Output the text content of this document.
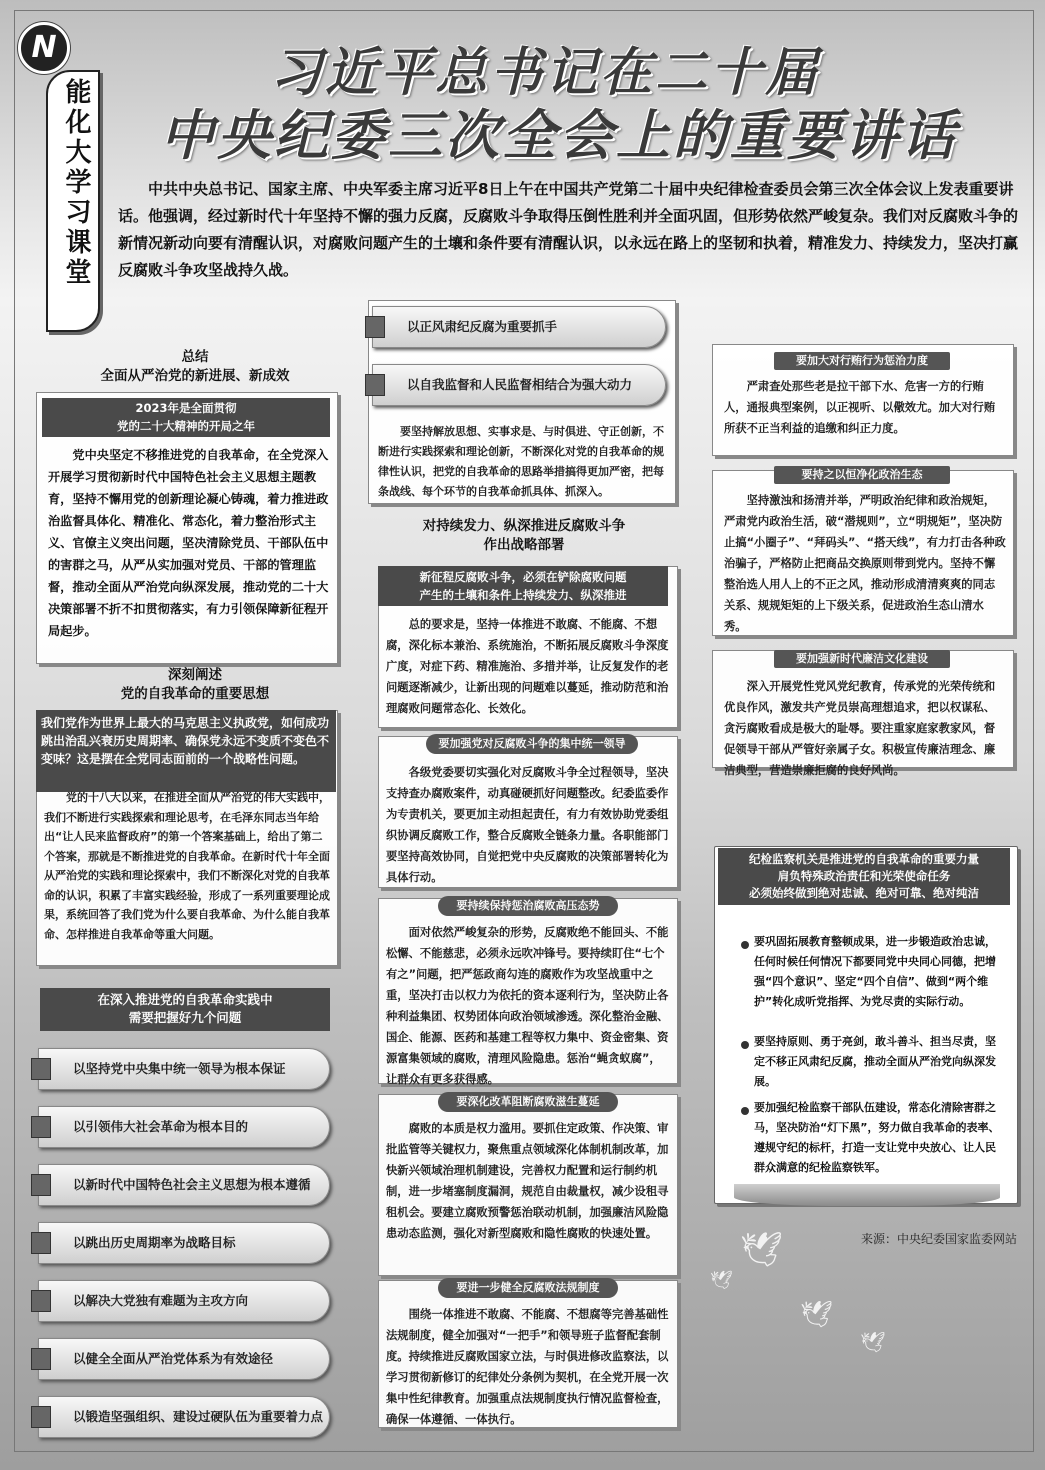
🕊
🕊
🕊
🕊
N
能化大学习课堂
习近平总书记在二十届
中央纪委三次全会上的重要讲话
中共中央总书记、国家主席、中央军委主席习近平8日上午在中国共产党第二十届中央纪律检查委员会第三次全体会议上发表重要讲话。他强调，经过新时代十年坚持不懈的强力反腐，反腐败斗争取得压倒性胜利并全面巩固，但形势依然严峻复杂。我们对反腐败斗争的新情况新动向要有清醒认识，对腐败问题产生的土壤和条件要有清醒认识，以永远在路上的坚韧和执着，精准发力、持续发力，坚决打赢反腐败斗争攻坚战持久战。
总结
全面从严治党的新进展、新成效
2023年是全面贯彻
党的二十大精神的开局之年
党中央坚定不移推进党的自我革命，在全党深入开展学习贯彻新时代中国特色社会主义思想主题教育，坚持不懈用党的创新理论凝心铸魂，着力推进政治监督具体化、精准化、常态化，着力整治形式主义、官僚主义突出问题，坚决清除党员、干部队伍中的害群之马，从严从实加强对党员、干部的管理监督，推动全面从严治党向纵深发展，推动党的二十大决策部署不折不扣贯彻落实，有力引领保障新征程开局起步。
深刻阐述
党的自我革命的重要思想
我们党作为世界上最大的马克思主义执政党，如何成功跳出治乱兴衰历史周期率、确保党永远不变质不变色不变味？这是摆在全党同志面前的一个战略性问题。
党的十八大以来，在推进全面从严治党的伟大实践中，我们不断进行实践探索和理论思考，在毛泽东同志当年给出“让人民来监督政府”的第一个答案基础上，给出了第二个答案，那就是不断推进党的自我革命。在新时代十年全面从严治党的实践和理论探索中，我们不断深化对党的自我革命的认识，积累了丰富实践经验，形成了一系列重要理论成果，系统回答了我们党为什么要自我革命、为什么能自我革命、怎样推进自我革命等重大问题。
在深入推进党的自我革命实践中
需要把握好九个问题
以坚持党中央集中统一领导为根本保证
以引领伟大社会革命为根本目的
以新时代中国特色社会主义思想为根本遵循
以跳出历史周期率为战略目标
以解决大党独有难题为主攻方向
以健全全面从严治党体系为有效途径
以锻造坚强组织、建设过硬队伍为重要着力点
以正风肃纪反腐为重要抓手
以自我监督和人民监督相结合为强大动力
要坚持解放思想、实事求是、与时俱进、守正创新，不断进行实践探索和理论创新，不断深化对党的自我革命的规律性认识，把党的自我革命的思路举措搞得更加严密，把每条战线、每个环节的自我革命抓具体、抓深入。
对持续发力、纵深推进反腐败斗争
作出战略部署
新征程反腐败斗争，必须在铲除腐败问题
产生的土壤和条件上持续发力、纵深推进
总的要求是，坚持一体推进不敢腐、不能腐、不想腐，深化标本兼治、系统施治，不断拓展反腐败斗争深度广度，对症下药、精准施治、多措并举，让反复发作的老问题逐渐减少，让新出现的问题难以蔓延，推动防范和治理腐败问题常态化、长效化。
要加强党对反腐败斗争的集中统一领导
各级党委要切实强化对反腐败斗争全过程领导，坚决支持查办腐败案件，动真碰硬抓好问题整改。纪委监委作为专责机关，要更加主动担起责任，有力有效协助党委组织协调反腐败工作，整合反腐败全链条力量。各职能部门要坚持高效协同，自觉把党中央反腐败的决策部署转化为具体行动。
要持续保持惩治腐败高压态势
面对依然严峻复杂的形势，反腐败绝不能回头、不能松懈、不能慈悲，必须永远吹冲锋号。要持续盯住“七个有之”问题，把严惩政商勾连的腐败作为攻坚战重中之重，坚决打击以权力为依托的资本逐利行为，坚决防止各种利益集团、权势团体向政治领域渗透。深化整治金融、国企、能源、医药和基建工程等权力集中、资金密集、资源富集领域的腐败，清理风险隐患。惩治“蝇贪蚁腐”，让群众有更多获得感。
要深化改革阻断腐败滋生蔓延
腐败的本质是权力滥用。要抓住定政策、作决策、审批监管等关键权力，聚焦重点领域深化体制机制改革，加快新兴领域治理机制建设，完善权力配置和运行制约机制，进一步堵塞制度漏洞，规范自由裁量权，减少设租寻租机会。要建立腐败预警惩治联动机制，加强廉洁风险隐患动态监测，强化对新型腐败和隐性腐败的快速处置。
要进一步健全反腐败法规制度
围绕一体推进不敢腐、不能腐、不想腐等完善基础性法规制度，健全加强对“一把手”和领导班子监督配套制度。持续推进反腐败国家立法，与时俱进修改监察法，以学习贯彻新修订的纪律处分条例为契机，在全党开展一次集中性纪律教育。加强重点法规制度执行情况监督检查，确保一体遵循、一体执行。
要加大对行贿行为惩治力度
严肃查处那些老是拉干部下水、危害一方的行贿人，通报典型案例，以正视听、以儆效尤。加大对行贿所获不正当利益的追缴和纠正力度。
要持之以恒净化政治生态
坚持激浊和扬清并举，严明政治纪律和政治规矩，严肃党内政治生活，破“潜规则”，立“明规矩”，坚决防止搞“小圈子”、“拜码头”、“搭天线”，有力打击各种政治骗子，严格防止把商品交换原则带到党内。坚持不懈整治选人用人上的不正之风，推动形成清清爽爽的同志关系、规规矩矩的上下级关系，促进政治生态山清水秀。
要加强新时代廉洁文化建设
深入开展党性党风党纪教育，传承党的光荣传统和优良作风，激发共产党员崇高理想追求，把以权谋私、贪污腐败看成是极大的耻辱。要注重家庭家教家风，督促领导干部从严管好亲属子女。积极宣传廉洁理念、廉洁典型，营造崇廉拒腐的良好风尚。
纪检监察机关是推进党的自我革命的重要力量
肩负特殊政治责任和光荣使命任务
必须始终做到绝对忠诚、绝对可靠、绝对纯洁
要巩固拓展教育整顿成果，进一步锻造政治忠诚，任何时候任何情况下都要同党中央同心同德，把增强“四个意识”、坚定“四个自信”、做到“两个维护”转化成听党指挥、为党尽责的实际行动。
要坚持原则、勇于亮剑，敢斗善斗、担当尽责，坚定不移正风肃纪反腐，推动全面从严治党向纵深发展。
要加强纪检监察干部队伍建设，常态化清除害群之马，坚决防治“灯下黑”，努力做自我革命的表率、遵规守纪的标杆，打造一支让党中央放心、让人民群众满意的纪检监察铁军。
来源：中央纪委国家监委网站
